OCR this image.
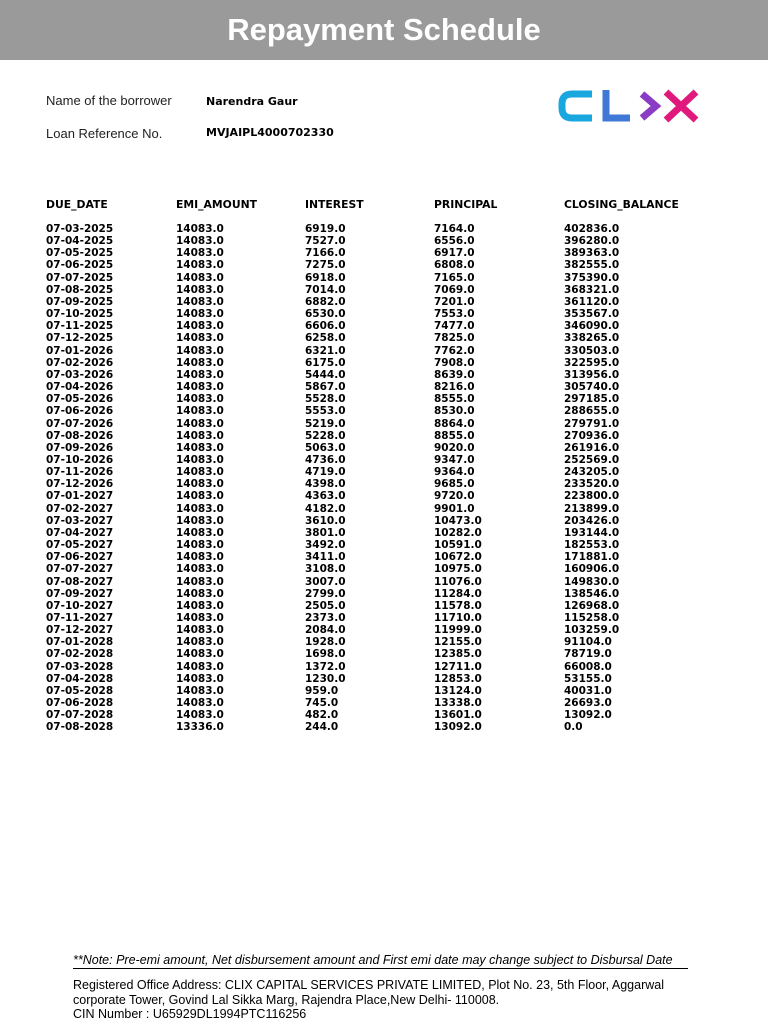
Repayment Schedule
Name of the borrower	Narendra Gaur
Loan Reference No.	MVJAIPL4000702330
DUE_DATE	EMI_AMOUNT	INTEREST	PRINCIPAL	CLOSING_BALANCE

07-03-2025	14083.0	6919.0	7164.0	402836.0
07-04-2025	14083.0	7527.0	6556.0	396280.0
07-05-2025	14083.0	7166.0	6917.0	389363.0
07-06-2025	14083.0	7275.0	6808.0	382555.0
07-07-2025	14083.0	6918.0	7165.0	375390.0
07-08-2025	14083.0	7014.0	7069.0	368321.0
07-09-2025	14083.0	6882.0	7201.0	361120.0
07-10-2025	14083.0	6530.0	7553.0	353567.0
07-11-2025	14083.0	6606.0	7477.0	346090.0
07-12-2025	14083.0	6258.0	7825.0	338265.0
07-01-2026	14083.0	6321.0	7762.0	330503.0
07-02-2026	14083.0	6175.0	7908.0	322595.0
07-03-2026	14083.0	5444.0	8639.0	313956.0
07-04-2026	14083.0	5867.0	8216.0	305740.0
07-05-2026	14083.0	5528.0	8555.0	297185.0
07-06-2026	14083.0	5553.0	8530.0	288655.0
07-07-2026	14083.0	5219.0	8864.0	279791.0
07-08-2026	14083.0	5228.0	8855.0	270936.0
07-09-2026	14083.0	5063.0	9020.0	261916.0
07-10-2026	14083.0	4736.0	9347.0	252569.0
07-11-2026	14083.0	4719.0	9364.0	243205.0
07-12-2026	14083.0	4398.0	9685.0	233520.0
07-01-2027	14083.0	4363.0	9720.0	223800.0
07-02-2027	14083.0	4182.0	9901.0	213899.0
07-03-2027	14083.0	3610.0	10473.0	203426.0
07-04-2027	14083.0	3801.0	10282.0	193144.0
07-05-2027	14083.0	3492.0	10591.0	182553.0
07-06-2027	14083.0	3411.0	10672.0	171881.0
07-07-2027	14083.0	3108.0	10975.0	160906.0
07-08-2027	14083.0	3007.0	11076.0	149830.0
07-09-2027	14083.0	2799.0	11284.0	138546.0
07-10-2027	14083.0	2505.0	11578.0	126968.0
07-11-2027	14083.0	2373.0	11710.0	115258.0
07-12-2027	14083.0	2084.0	11999.0	103259.0
07-01-2028	14083.0	1928.0	12155.0	91104.0
07-02-2028	14083.0	1698.0	12385.0	78719.0
07-03-2028	14083.0	1372.0	12711.0	66008.0
07-04-2028	14083.0	1230.0	12853.0	53155.0
07-05-2028	14083.0	959.0	13124.0	40031.0
07-06-2028	14083.0	745.0	13338.0	26693.0
07-07-2028	14083.0	482.0	13601.0	13092.0
07-08-2028	13336.0	244.0	13092.0	0.0
**Note: Pre-emi amount, Net disbursement amount and First emi date may change subject to Disbursal Date
Registered Office Address: CLIX CAPITAL SERVICES PRIVATE LIMITED, Plot No. 23, 5th Floor, Aggarwal
corporate Tower, Govind Lal Sikka Marg, Rajendra Place,New Delhi- 110008.
CIN Number : U65929DL1994PTC116256
